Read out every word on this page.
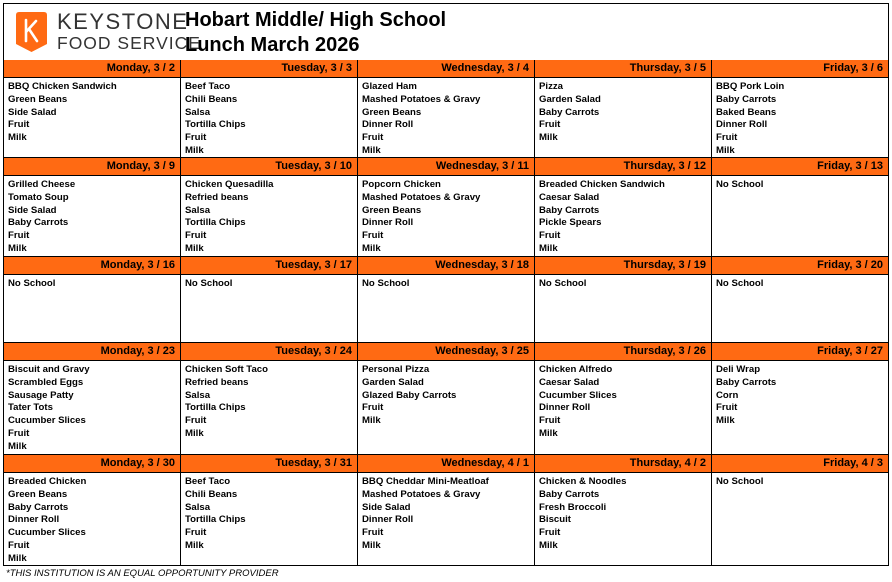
KEYSTONE
FOOD SERVICE
Hobart Middle/ High School
Lunch March 2026
Monday, 3 / 2
BBQ Chicken Sandwich
Green Beans
Side Salad
Fruit
Milk
Tuesday, 3 / 3
Beef Taco
Chili Beans
Salsa
Tortilla Chips
Fruit
Milk
Wednesday, 3 / 4
Glazed Ham
Mashed Potatoes & Gravy
Green Beans
Dinner Roll
Fruit
Milk
Thursday, 3 / 5
Pizza
Garden Salad
Baby Carrots
Fruit
Milk
Friday, 3 / 6
BBQ Pork Loin
Baby Carrots
Baked Beans
Dinner Roll
Fruit
Milk
Monday, 3 / 9
Grilled Cheese
Tomato Soup
Side Salad
Baby Carrots
Fruit
Milk
Tuesday, 3 / 10
Chicken Quesadilla
Refried beans
Salsa
Tortilla Chips
Fruit
Milk
Wednesday, 3 / 11
Popcorn Chicken
Mashed Potatoes & Gravy
Green Beans
Dinner Roll
Fruit
Milk
Thursday, 3 / 12
Breaded Chicken Sandwich
Caesar Salad
Baby Carrots
Pickle Spears
Fruit
Milk
Friday, 3 / 13
No School
Monday, 3 / 16
No School
Tuesday, 3 / 17
No School
Wednesday, 3 / 18
No School
Thursday, 3 / 19
No School
Friday, 3 / 20
No School
Monday, 3 / 23
Biscuit and Gravy
Scrambled Eggs
Sausage Patty
Tater Tots
Cucumber Slices
Fruit
Milk
Tuesday, 3 / 24
Chicken Soft Taco
Refried beans
Salsa
Tortilla Chips
Fruit
Milk
Wednesday, 3 / 25
Personal Pizza
Garden Salad
Glazed Baby Carrots
Fruit
Milk
Thursday, 3 / 26
Chicken Alfredo
Caesar Salad
Cucumber Slices
Dinner Roll
Fruit
Milk
Friday, 3 / 27
Deli Wrap
Baby Carrots
Corn
Fruit
Milk
Monday, 3 / 30
Breaded Chicken
Green Beans
Baby Carrots
Dinner Roll
Cucumber Slices
Fruit
Milk
Tuesday, 3 / 31
Beef Taco
Chili Beans
Salsa
Tortilla Chips
Fruit
Milk
Wednesday, 4 / 1
BBQ Cheddar Mini-Meatloaf
Mashed Potatoes & Gravy
Side Salad
Dinner Roll
Fruit
Milk
Thursday, 4 / 2
Chicken & Noodles
Baby Carrots
Fresh Broccoli
Biscuit
Fruit
Milk
Friday, 4 / 3
No School
*THIS INSTITUTION IS AN EQUAL OPPORTUNITY PROVIDER
